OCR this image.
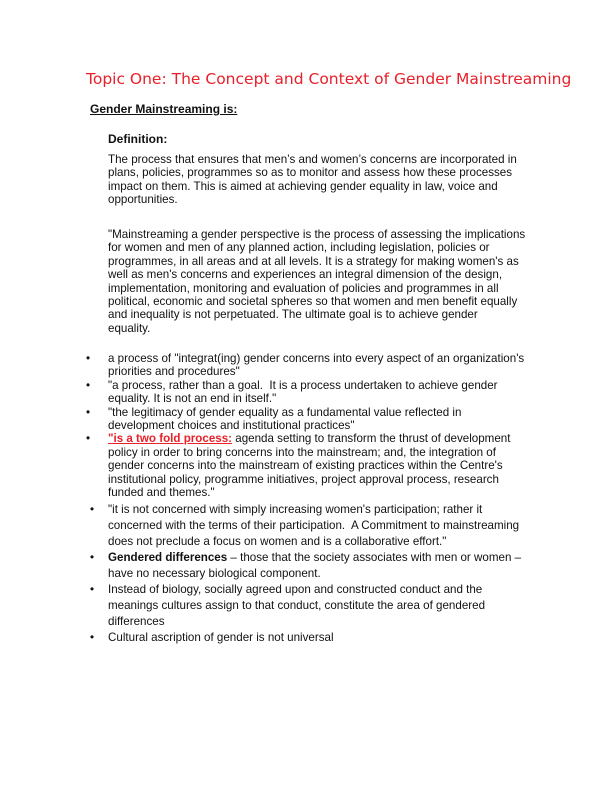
Topic One: The Concept and Context of Gender Mainstreaming
Gender Mainstreaming is:
Definition:
The process that ensures that men’s and women’s concerns are incorporated in
plans, policies, programmes so as to monitor and assess how these processes
impact on them. This is aimed at achieving gender equality in law, voice and
opportunities.
"Mainstreaming a gender perspective is the process of assessing the implications
for women and men of any planned action, including legislation, policies or
programmes, in all areas and at all levels. It is a strategy for making women's as
well as men's concerns and experiences an integral dimension of the design,
implementation, monitoring and evaluation of policies and programmes in all
political, economic and societal spheres so that women and men benefit equally
and inequality is not perpetuated. The ultimate goal is to achieve gender
equality.
• a process of "integrat(ing) gender concerns into every aspect of an organization's
priorities and procedures"
• "a process, rather than a goal.  It is a process undertaken to achieve gender
equality. It is not an end in itself."
• "the legitimacy of gender equality as a fundamental value reflected in
development choices and institutional practices"
• "is a two fold process: agenda setting to transform the thrust of development
policy in order to bring concerns into the mainstream; and, the integration of
gender concerns into the mainstream of existing practices within the Centre's
institutional policy, programme initiatives, project approval process, research
funded and themes."
• "it is not concerned with simply increasing women's participation; rather it
concerned with the terms of their participation.  A Commitment to mainstreaming
does not preclude a focus on women and is a collaborative effort."
• Gendered differences – those that the society associates with men or women –
have no necessary biological component.
• Instead of biology, socially agreed upon and constructed conduct and the
meanings cultures assign to that conduct, constitute the area of gendered
differences
• Cultural ascription of gender is not universal
